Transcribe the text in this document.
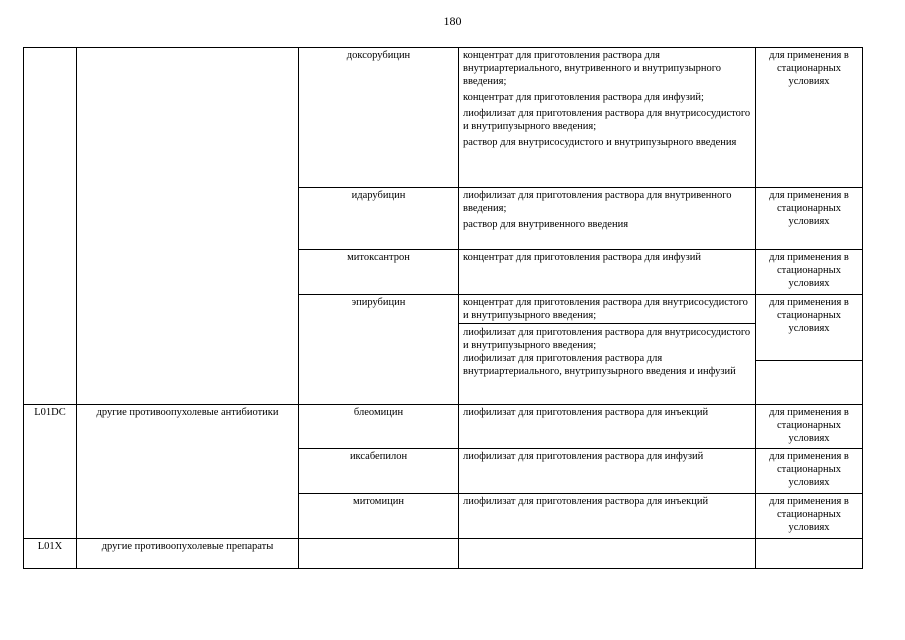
180
		доксорубицин	концентрат для приготовления раствора для внутриартериального, внутривенного и внутрипузырного введения;
концентрат для приготовления раствора для инфузий;
лиофилизат для приготовления раствора для внутрисосудистого и внутрипузырного введения;
раствор для внутрисосудистого и внутрипузырного введения	для применения в стационарных условиях
		идарубицин	лиофилизат для приготовления раствора для внутривенного введения;
раствор для внутривенного введения	для применения в стационарных условиях
		митоксантрон	концентрат для приготовления раствора для инфузий	для применения в стационарных условиях
		эпирубицин	концентрат для приготовления раствора для внутрисосудистого и внутрипузырного введения;
лиофилизат для приготовления раствора для внутрисосудистого и внутрипузырного введения;
лиофилизат для приготовления раствора для внутриартериального, внутрипузырного введения и инфузий	для применения в стационарных условиях

L01DC	другие противоопухолевые антибиотики	блеомицин	лиофилизат для приготовления раствора для инъекций	для применения в стационарных условиях
		иксабепилон	лиофилизат для приготовления раствора для инфузий	для применения в стационарных условиях
		митомицин	лиофилизат для приготовления раствора для инъекций	для применения в стационарных условиях
L01X	другие противоопухолевые препараты			
